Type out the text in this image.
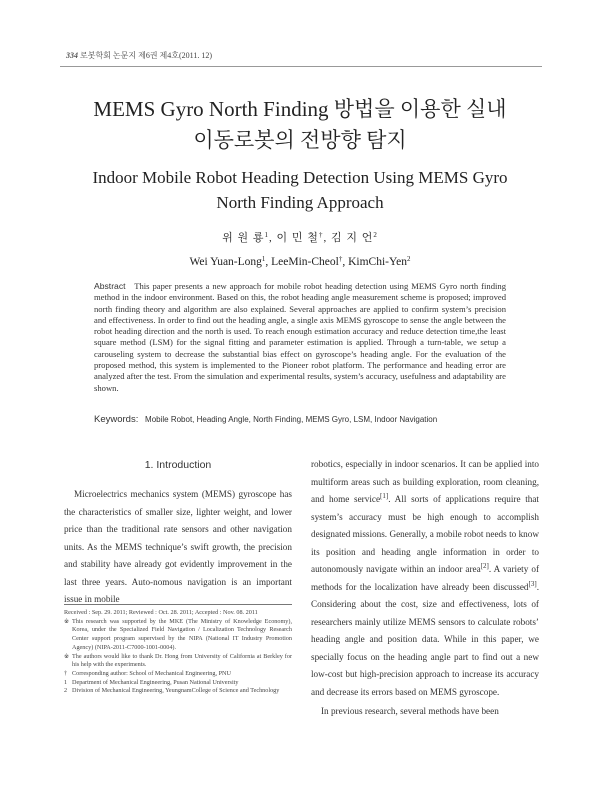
334 로봇학회 논문지 제6권 제4호(2011. 12)
MEMS Gyro North Finding 방법을 이용한 실내
이동로봇의 전방향 탐지
Indoor Mobile Robot Heading Detection Using MEMS Gyro
North Finding Approach
위 원 룡$^1$, 이 민 철†, 김 지 언$^2$
Wei Yuan-Long$^1$, LeeMin-Cheol†, KimChi-Yen$^2$
Abstract This paper presents a new approach for mobile robot heading detection using MEMS Gyro north finding method in the indoor environment. Based on this, the robot heading angle measurement scheme is proposed; improved north finding theory and algorithm are also explained. Several approaches are applied to confirm system’s precision and effectiveness. In order to find out the heading angle, a single axis MEMS gyroscope to sense the angle between the robot heading direction and the north is used. To reach enough estimation accuracy and reduce detection time,the least square method (LSM) for the signal fitting and parameter estimation is applied. Through a turn-table, we setup a carouseling system to decrease the substantial bias effect on gyroscope’s heading angle. For the evaluation of the proposed method, this system is implemented to the Pioneer robot platform. The performance and heading error are analyzed after the test. From the simulation and experimental results, system’s accuracy, usefulness and adaptability are shown.
Keywords: Mobile Robot, Heading Angle, North Finding, MEMS Gyro, LSM, Indoor Navigation
1. Introduction

Microelectrics mechanics system (MEMS) gyroscope has the characteristics of smaller size, lighter weight, and lower price than the traditional rate sensors and other navigation units. As the MEMS technique’s swift growth, the precision and stability have already got evidently improvement in the last three years. Auto-nomous navigation is an important issue in mobile

Received : Sep. 29. 2011; Reviewed : Oct. 28. 2011; Accepted : Nov. 08. 2011
※ This research was supported by the MKE (The Ministry of Knowledge Economy), Korea, under the Specialized Field Navigation / Localization Technology Research Center support program supervised by the NIPA (National IT Industry Promotion Agency) (NIPA-2011-C7000-1001-0004).
※ The authors would like to thank Dr. Hong from University of California at Berkley for his help with the experiments.
† Corresponding author: School of Mechanical Engineering, PNU
1 Department of Mechanical Engineering, Pusan National University
2 Division of Mechanical Engineering, YeungnamCollege of Science and Technology

robotics, especially in indoor scenarios. It can be applied into multiform areas such as building exploration, room cleaning, and home service[1]. All sorts of applications require that system’s accuracy must be high enough to accomplish designated missions. Generally, a mobile robot needs to know its position and heading angle information in order to autonomously navigate within an indoor area[2]. A variety of methods for the localization have already been discussed[3]. Considering about the cost, size and effectiveness, lots of researchers mainly utilize MEMS sensors to calculate robots’ heading angle and position data. While in this paper, we specially focus on the heading angle part to find out a new low-cost but high-precision approach to increase its accuracy and decrease its errors based on MEMS gyroscope.

In previous research, several methods have been
